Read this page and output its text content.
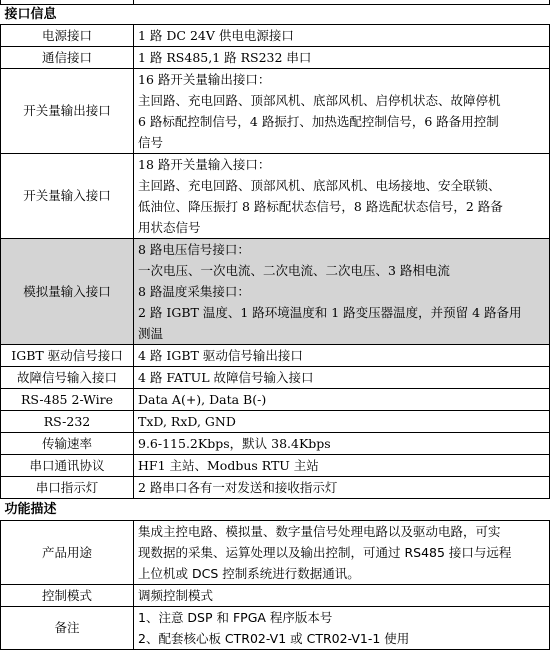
接口信息	
电源接口	1 路 DC 24V 供电电源接口
通信接口	1 路 RS485,1 路 RS232 串口
开关量输出接口	16 路开关量输出接口：
主回路、充电回路、顶部风机、底部风机、启停机状态、故障停机
6 路标配控制信号，4 路振打、加热选配控制信号，6 路备用控制
信号

开关量输入接口	18 路开关量输入接口：
主回路、充电回路、顶部风机、底部风机、电场接地、安全联锁、
低油位、降压振打 8 路标配状态信号，8 路选配状态信号，2 路备
用状态信号

模拟量输入接口	8 路电压信号接口：
一次电压、一次电流、二次电流、二次电压、3 路相电流
8 路温度采集接口：
2 路 IGBT 温度、1 路环境温度和 1 路变压器温度，并预留 4 路备用
测温

IGBT 驱动信号接口	4 路 IGBT 驱动信号输出接口
故障信号输入接口	4 路 FATUL 故障信号输入接口
RS-485 2-Wire	Data A(+), Data B(-)
RS-232	TxD, RxD, GND
传输速率	9.6-115.2Kbps，默认 38.4Kbps
串口通讯协议	HF1 主站、Modbus RTU 主站
串口指示灯	2 路串口各有一对发送和接收指示灯
功能描述	
产品用途	集成主控电路、模拟量、数字量信号处理电路以及驱动电路，可实
现数据的采集、运算处理以及输出控制，可通过 RS485 接口与远程
上位机或 DCS 控制系统进行数据通讯。

控制模式	调频控制模式
备注	1、注意 DSP 和 FPGA 程序版本号
2、配套核心板 CTR02-V1 或 CTR02-V1-1 使用
